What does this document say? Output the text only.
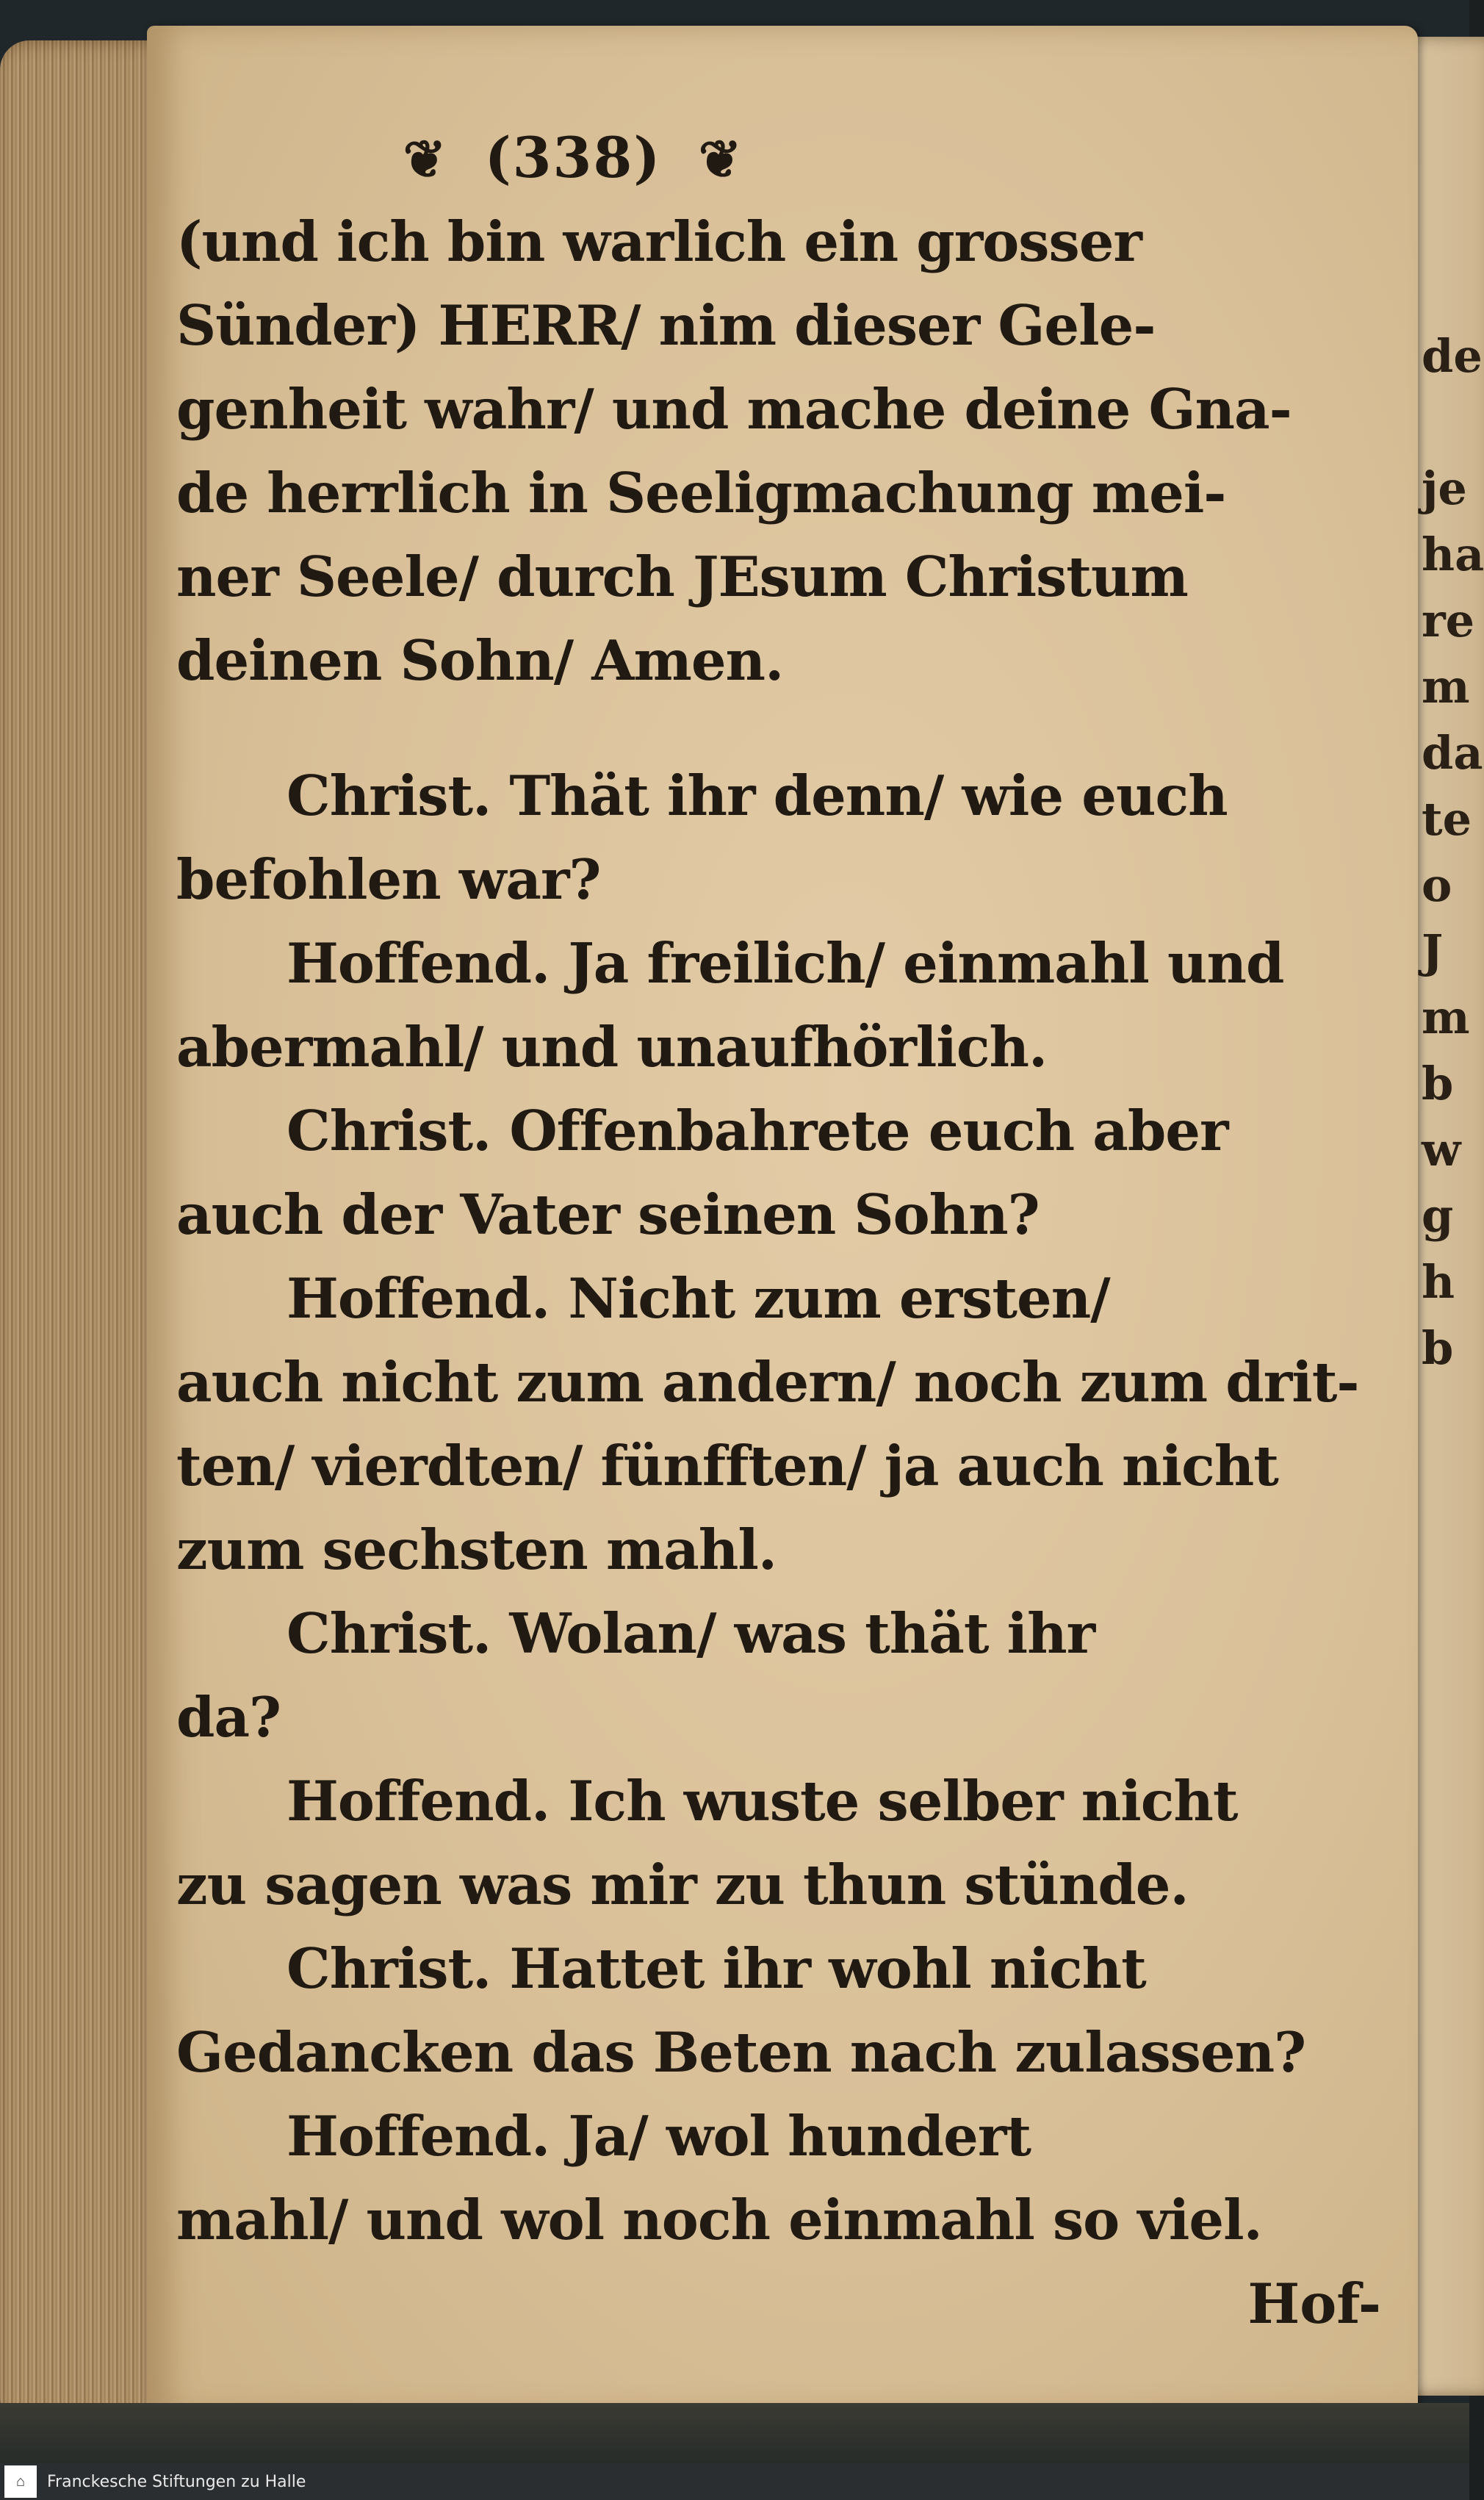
de

je
ha
re
m
da
te
o
J
m
b
w
g
h
b
❦ (338) ❦
(und ich bin warlich ein grosser
Sünder) HERR/ nim dieser Gele-
genheit wahr/ und mache deine Gna-
de herrlich in Seeligmachung mei-
ner Seele/ durch JEsum Christum
deinen Sohn/ Amen.
Christ. Thät ihr denn/ wie euch
befohlen war?
Hoffend. Ja freilich/ einmahl und
abermahl/ und unaufhörlich.
Christ. Offenbahrete euch aber
auch der Vater seinen Sohn?
Hoffend. Nicht zum ersten/
auch nicht zum andern/ noch zum drit-
ten/ vierdten/ fünfften/ ja auch nicht
zum sechsten mahl.
Christ. Wolan/ was thät ihr
da?
Hoffend. Ich wuste selber nicht
zu sagen was mir zu thun stünde.
Christ. Hattet ihr wohl nicht
Gedancken das Beten nach zulassen?
Hoffend. Ja/ wol hundert
mahl/ und wol noch einmahl so viel.
Hof-
⌂	Franckesche Stiftungen zu Halle
